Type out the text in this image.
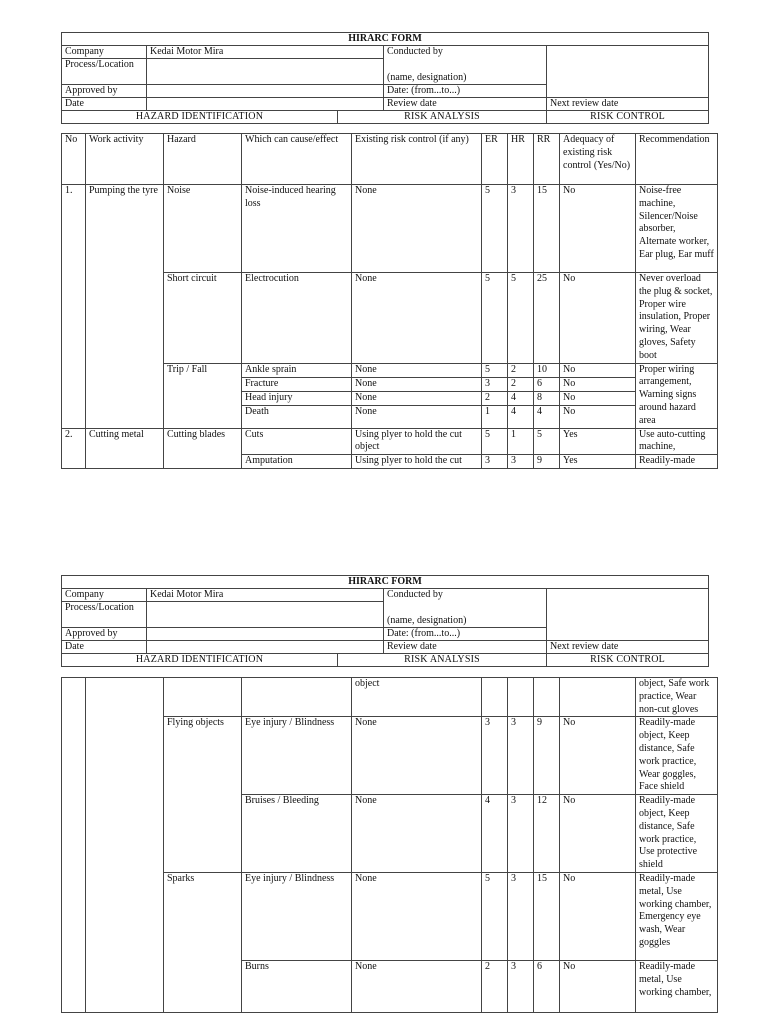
HIRARC FORM				
Company	Kedai Motor Mira		Conducted by
(name, designation)	

Process/Location				
Approved by			Date: (from...to...)	
Date			Review date	Next review date
HAZARD IDENTIFICATION		RISK ANALYSIS		RISK CONTROL
No	Work activity	Hazard	Which can cause/effect	Existing risk control (if any)	ER	HR	RR	Adequacy of existing risk control (Yes/No)	Recommendation
1.	Pumping the tyre	Noise	Noise-induced hearing loss	None	5	3	15	No	Noise-free machine, Silencer/Noise absorber, Alternate worker, Ear plug, Ear muff
		Short circuit	Electrocution	None	5	5	25	No	Never overload the plug & socket, Proper wire insulation, Proper wiring, Wear gloves, Safety boot
		Trip / Fall	Ankle sprain	None	5	2	10	No	Proper wiring arrangement, Warning signs around hazard area
			Fracture	None	3	2	6	No	
			Head injury	None	2	4	8	No	
			Death	None	1	4	4	No	
2.	Cutting metal	Cutting blades	Cuts	Using plyer to hold the cut object	5	1	5	Yes	Use auto-cutting machine,
			Amputation	Using plyer to hold the cut	3	3	9	Yes	Readily-made
HIRARC FORM				
Company	Kedai Motor Mira		Conducted by
(name, designation)	

Process/Location				
Approved by			Date: (from...to...)	
Date			Review date	Next review date
HAZARD IDENTIFICATION		RISK ANALYSIS		RISK CONTROL
				object					object, Safe work practice, Wear non-cut gloves
		Flying objects	Eye injury / Blindness	None	3	3	9	No	Readily-made object, Keep distance, Safe work practice, Wear goggles, Face shield
			Bruises / Bleeding	None	4	3	12	No	Readily-made object, Keep distance, Safe work practice, Use protective shield
		Sparks	Eye injury / Blindness	None	5	3	15	No	Readily-made metal, Use working chamber, Emergency eye wash, Wear goggles
			Burns	None	2	3	6	No	Readily-made metal, Use working chamber,
